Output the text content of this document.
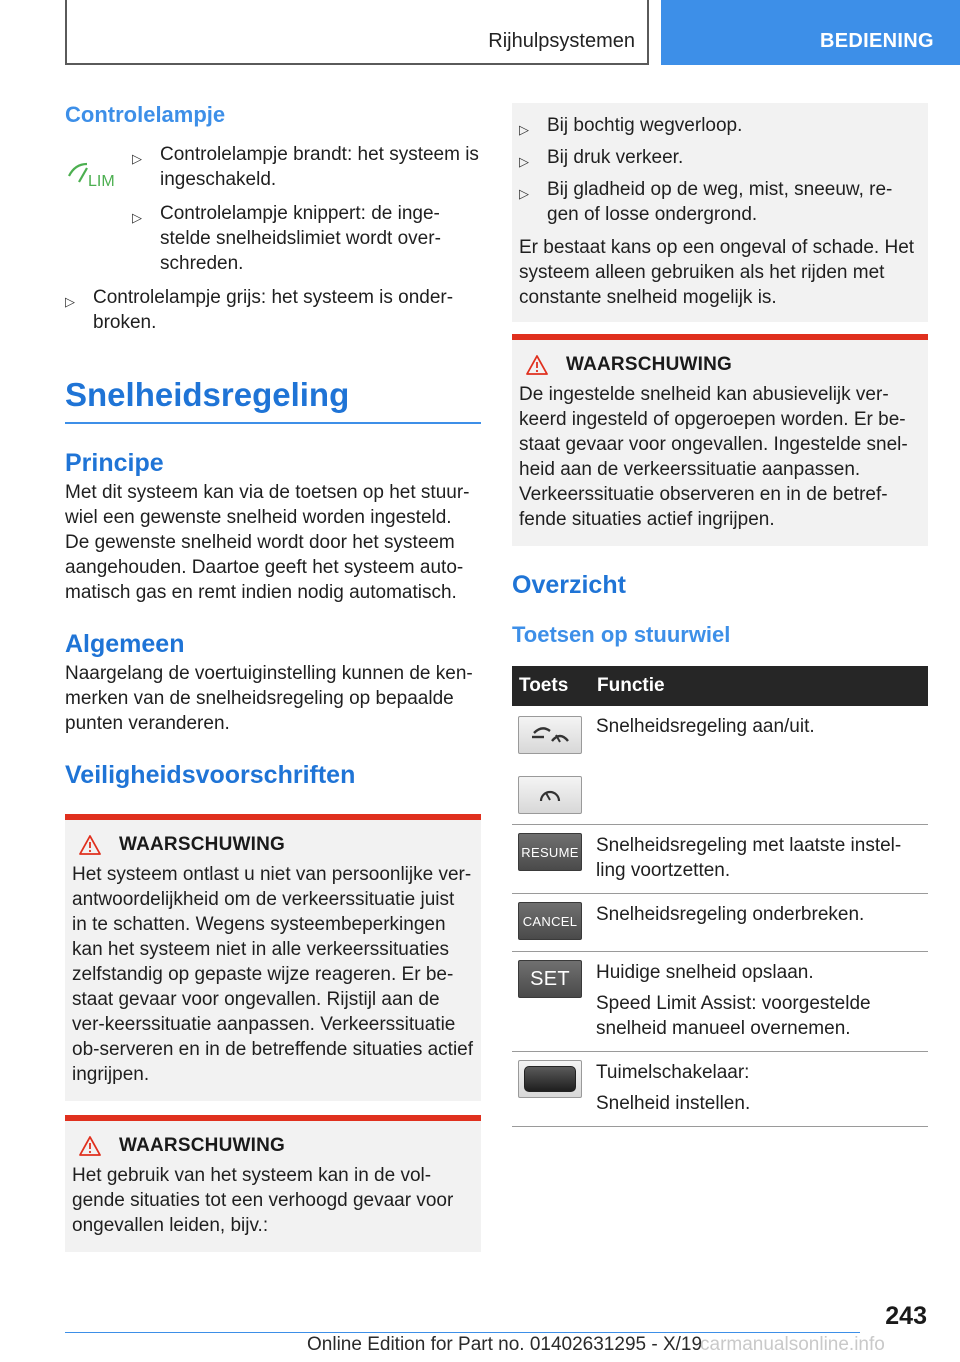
Rijhulpsystemen	BEDIENING
Controlelampje
LIM
▷ Controlelampje brandt: het systeem is ingeschakeld.
▷ Controlelampje knippert: de inge-stelde snelheidslimiet wordt over-schreden.
▷ Controlelampje grijs: het systeem is onder-broken.
Snelheidsregeling
Principe
Met dit systeem kan via de toetsen op het stuur-wiel een gewenste snelheid worden ingesteld. De gewenste snelheid wordt door het systeem aangehouden. Daartoe geeft het systeem auto-matisch gas en remt indien nodig automatisch.
Algemeen
Naargelang de voertuiginstelling kunnen de ken-merken van de snelheidsregeling op bepaalde punten veranderen.
Veiligheidsvoorschriften
WAARSCHUWING
Het systeem ontlast u niet van persoonlijke ver-antwoordelijkheid om de verkeerssituatie juist in te schatten. Wegens systeembeperkingen kan het systeem niet in alle verkeerssituaties zelfstandig op gepaste wijze reageren. Er be-staat gevaar voor ongevallen. Rijstijl aan de ver-keerssituatie aanpassen. Verkeerssituatie ob-serveren en in de betreffende situaties actief ingrijpen.
WAARSCHUWING
Het gebruik van het systeem kan in de vol-gende situaties tot een verhoogd gevaar voor ongevallen leiden, bijv.:
▷ Bij bochtig wegverloop.
▷ Bij druk verkeer.
▷ Bij gladheid op de weg, mist, sneeuw, re-gen of losse ondergrond.
Er bestaat kans op een ongeval of schade. Het systeem alleen gebruiken als het rijden met constante snelheid mogelijk is.
WAARSCHUWING
De ingestelde snelheid kan abusievelijk ver-keerd ingesteld of opgeroepen worden. Er be-staat gevaar voor ongevallen. Ingestelde snel-heid aan de verkeerssituatie aanpassen. Verkeerssituatie observeren en in de betref-fende situaties actief ingrijpen.
Overzicht
Toetsen op stuurwiel
Toets	Functie

Snelheidsregeling aan/uit.

RESUME	Snelheidsregeling met laatste instel-ling voortzetten.

CANCEL	Snelheidsregeling onderbreken.

SET	Huidige snelheid opslaan.
Speed Limit Assist: voorgestelde snelheid manueel overnemen.

	Tuimelschakelaar:
Snelheid instellen.
243
Online Edition for Part no. 01402631295 - X/19
carmanualsonline.info
